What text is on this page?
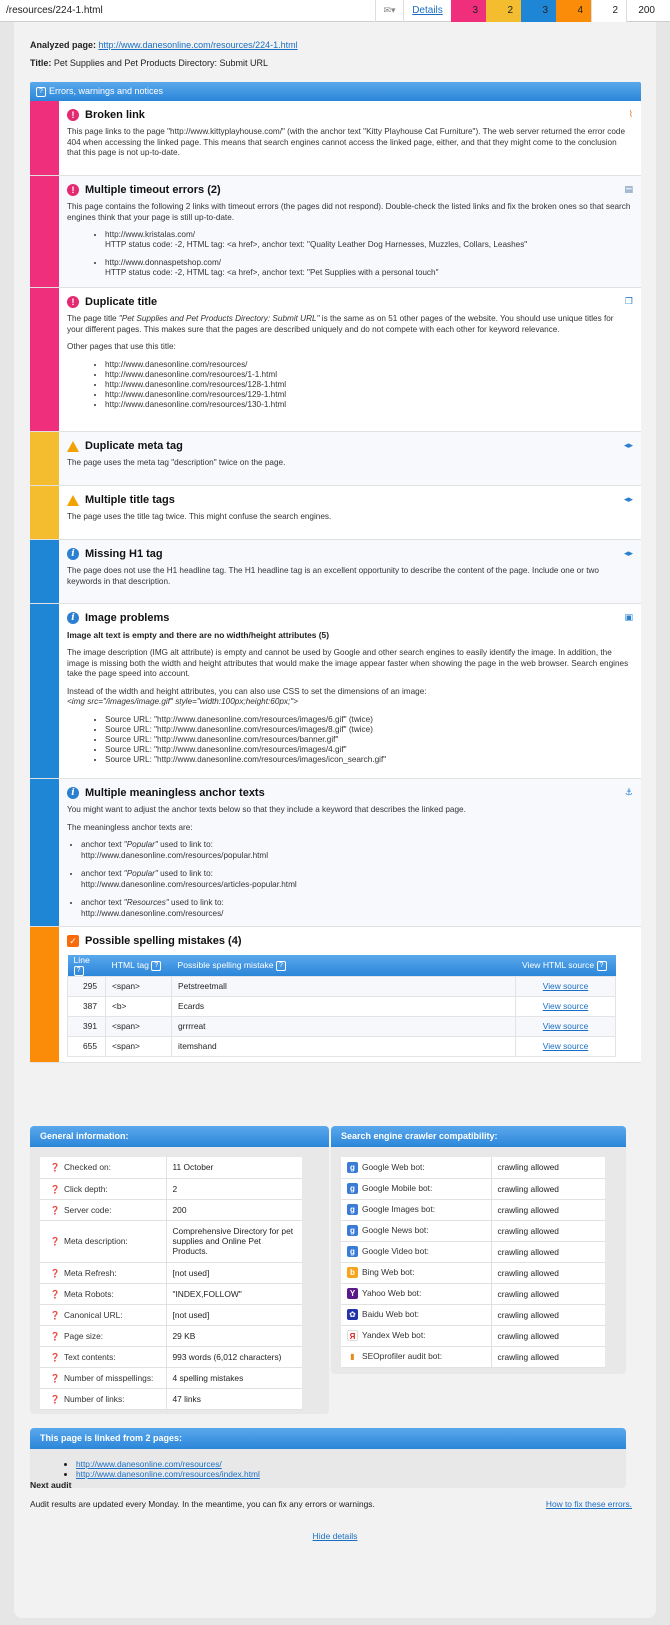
/resources/224-1.html	✉▾	Details	3	2	3	4	2	200
Analyzed page: http://www.danesonline.com/resources/224-1.html
Title: Pet Supplies and Pet Products Directory: Submit URL
? Errors, warnings and notices
! Broken link	⌇

This page links to the page "http://www.kittyplayhouse.com/" (with the anchor text "Kitty Playhouse Cat Furniture"). The web server returned the error code 404 when accessing the linked page. This means that search engines cannot access the linked page, either, and that they might come to the conclusion that this page is not up-to-date.

! Multiple timeout errors (2)	▤

This page contains the following 2 links with timeout errors (the pages did not respond). Double-check the listed links and fix the broken ones so that search engines think that your page is still up-to-date.

• http://www.kristalas.com/
HTTP status code: -2, HTML tag: <a href>, anchor text: "Quality Leather Dog Harnesses, Muzzles, Collars, Leashes"
• http://www.donnaspetshop.com/
HTTP status code: -2, HTML tag: <a href>, anchor text: "Pet Supplies with a personal touch"
! Duplicate title	❐

The page title "Pet Supplies and Pet Products Directory: Submit URL" is the same as on 51 other pages of the website. You should use unique titles for your different pages. This makes sure that the pages are described uniquely and do not compete with each other for keyword relevance.

Other pages that use this title:

• http://www.danesonline.com/resources/
• http://www.danesonline.com/resources/1-1.html
• http://www.danesonline.com/resources/128-1.html
• http://www.danesonline.com/resources/129-1.html
• http://www.danesonline.com/resources/130-1.html
Duplicate meta tag	◂▸

The page uses the meta tag "description" twice on the page.

Multiple title tags	◂▸

The page uses the title tag twice. This might confuse the search engines.

i Missing H1 tag	◂▸

The page does not use the H1 headline tag. The H1 headline tag is an excellent opportunity to describe the content of the page. Include one or two keywords in that description.

i Image problems	▣
Image alt text is empty and there are no width/height attributes (5)

The image description (IMG alt attribute) is empty and cannot be used by Google and other search engines to easily identify the image. In addition, the image is missing both the width and height attributes that would make the image appear faster when showing the page in the web browser. Search engines take the page speed into account.

Instead of the width and height attributes, you can also use CSS to set the dimensions of an image:
<img src="/images/image.gif" style="width:100px;height:60px;">

• Source URL: "http://www.danesonline.com/resources/images/6.gif" (twice)
• Source URL: "http://www.danesonline.com/resources/images/8.gif" (twice)
• Source URL: "http://www.danesonline.com/resources/banner.gif"
• Source URL: "http://www.danesonline.com/resources/images/4.gif"
• Source URL: "http://www.danesonline.com/resources/images/icon_search.gif"
i Multiple meaningless anchor texts	⚓

You might want to adjust the anchor texts below so that they include a keyword that describes the linked page.

The meaningless anchor texts are:

• anchor text "Popular" used to link to:
http://www.danesonline.com/resources/popular.html
• anchor text "Popular" used to link to:
http://www.danesonline.com/resources/articles-popular.html
• anchor text "Resources" used to link to:
http://www.danesonline.com/resources/
✓ Possible spelling mistakes (4)
Line ?	HTML tag ?	Possible spelling mistake ?	View HTML source ?
295	<span>	Petstreetmall	View source
387	<b>	Ecards	View source
391	<span>	grrrreat	View source
655	<span>	itemshand	View source
General information:
❓ Checked on:	11 October
❓ Click depth:	2
❓ Server code:	200
❓ Meta description:	Comprehensive Directory for pet supplies and Online Pet Products.
❓ Meta Refresh:	[not used]
❓ Meta Robots:	"INDEX,FOLLOW"
❓ Canonical URL:	[not used]
❓ Page size:	29 KB
❓ Text contents:	993 words (6,012 characters)
❓ Number of misspellings:	4 spelling mistakes
❓ Number of links:	47 links
Search engine crawler compatibility:
g Google Web bot:	crawling allowed
g Google Mobile bot:	crawling allowed
g Google Images bot:	crawling allowed
g Google News bot:	crawling allowed
g Google Video bot:	crawling allowed
b Bing Web bot:	crawling allowed
Y Yahoo Web bot:	crawling allowed
✿ Baidu Web bot:	crawling allowed
Я Yandex Web bot:	crawling allowed
▮ SEOprofiler audit bot:	crawling allowed
This page is linked from 2 pages:
• http://www.danesonline.com/resources/
• http://www.danesonline.com/resources/index.html
Next audit
Audit results are updated every Monday. In the meantime, you can fix any errors or warnings.	How to fix these errors.
Hide details
